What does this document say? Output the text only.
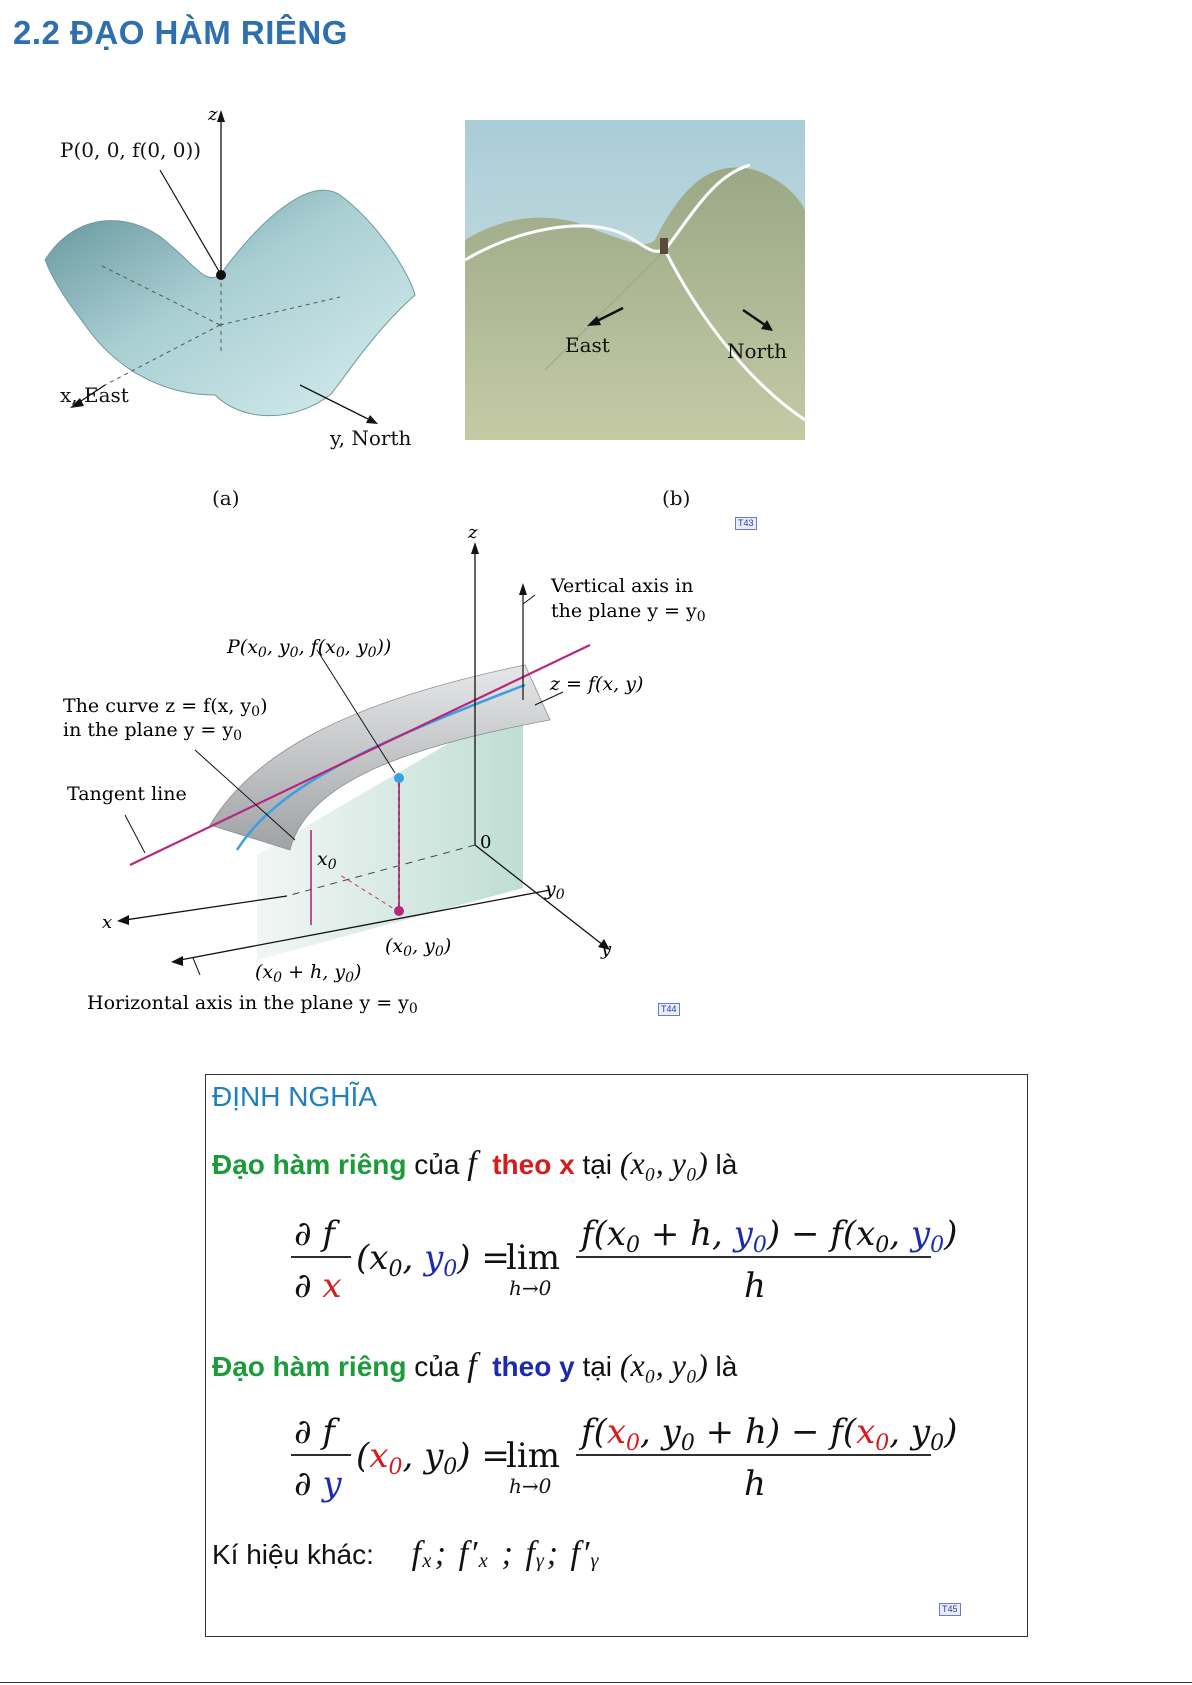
2.2 ĐẠO HÀM RIÊNG
P(0, 0, f(0, 0))
z
x, East
y, North
(a)
East	North
(b)
T43
z
x
y
Vertical axis in
the plane $y = y_0$
$P(x_0$, $y_0$, $f(x_0$, $y_0$))
z = f(x, y)
The curve z = f(x, $y_0$)
in the plane $y = y_0$
Tangent line
0
$x_0$
$y_0$
($x_0$, $y_0$)
($x_0 + h$, $y_0$)
Horizontal axis in the plane $y = y_0$	T44
ĐỊNH NGHĨA
Đạo hàm riêng của f theo x tại (x₀, y₀) là
∂ f
∂ x
($x_0$, $y_0$) =
lim
h→0
$f(x_0 + h$, $y_0) - f(x_0$, $y_0$)
h
Đạo hàm riêng của f theo y tại (x₀, y₀) là
∂ f
∂ y
($x_0$, $y_0$) =
lim
h→0
$f(x_0$, $y_0 + h) - f(x_0$, $y_0$)
h
Kí hiệu khác: fₓ; f′ₓ ; fᵧ; f′ᵧ
T45
